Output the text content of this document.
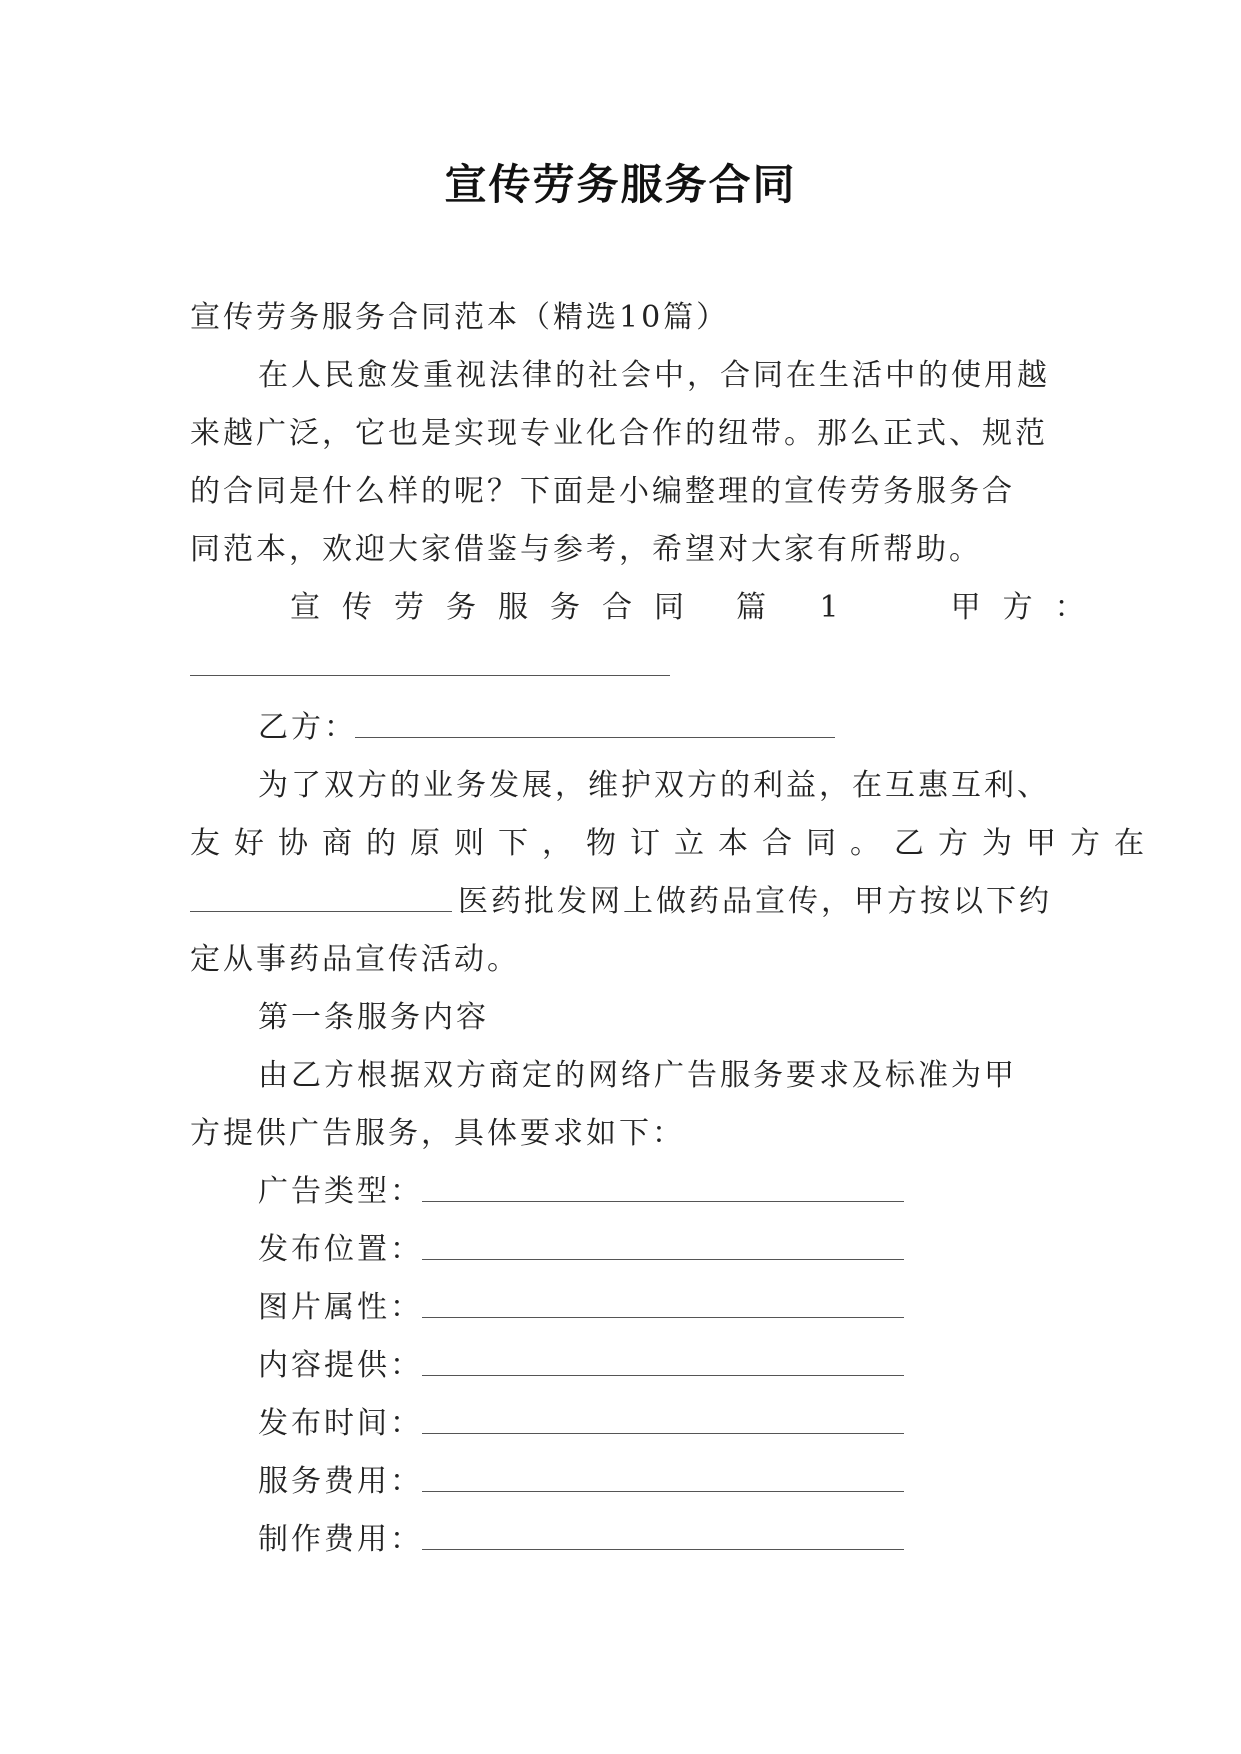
宣传劳务服务合同
宣传劳务服务合同范本（精选10篇）
在人民愈发重视法律的社会中，合同在生活中的使用越
来越广泛，它也是实现专业化合作的纽带。那么正式、规范
的合同是什么样的呢？下面是小编整理的宣传劳务服务合
同范本，欢迎大家借鉴与参考，希望对大家有所帮助。
宣传劳务服务合同 篇 1	甲方：
乙方：
为了双方的业务发展，维护双方的利益，在互惠互利、
友好协商的原则下，物订立本合同。乙方为甲方在
医药批发网上做药品宣传，甲方按以下约
定从事药品宣传活动。
第一条服务内容
由乙方根据双方商定的网络广告服务要求及标准为甲
方提供广告服务，具体要求如下：
广告类型：
发布位置：
图片属性：
内容提供：
发布时间：
服务费用：
制作费用：
